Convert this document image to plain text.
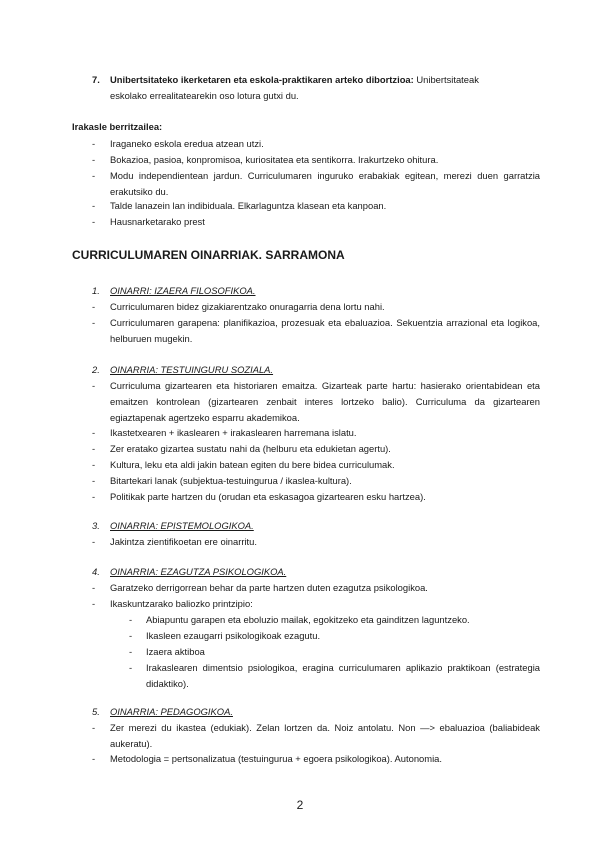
7. Unibertsitateko ikerketaren eta eskola-praktikaren arteko dibortzioa: Unibertsitateak
eskolako errealitatearekin oso lotura gutxi du.
Irakasle berritzailea:
- Iraganeko eskola eredua atzean utzi.
- Bokazioa, pasioa, konpromisoa, kuriositatea eta sentikorra. Irakurtzeko ohitura.
- Modu independientean jardun. Curriculumaren inguruko erabakiak egitean, merezi duen garratzia erakutsiko du.
- Talde lanazein lan indibiduala. Elkarlaguntza klasean eta kanpoan.
- Hausnarketarako prest
CURRICULUMAREN OINARRIAK. SARRAMONA
1. OINARRI: IZAERA FILOSOFIKOA.
- Curriculumaren bidez gizakiarentzako onuragarria dena lortu nahi.
- Curriculumaren garapena: planifikazioa, prozesuak eta ebaluazioa. Sekuentzia arrazional eta logikoa, helburuen mugekin.
2. OINARRIA: TESTUINGURU SOZIALA.
- Curriculuma gizartearen eta historiaren emaitza. Gizarteak parte hartu: hasierako orientabidean eta emaitzen kontrolean (gizartearen zenbait interes lortzeko balio). Curriculuma da gizartearen egiaztapenak agertzeko esparru akademikoa.
- Ikastetxearen + ikaslearen + irakaslearen harremana islatu.
- Zer eratako gizartea sustatu nahi da (helburu eta edukietan agertu).
- Kultura, leku eta aldi jakin batean egiten du bere bidea curriculumak.
- Bitartekari lanak (subjektua-testuingurua / ikaslea-kultura).
- Politikak parte hartzen du (orudan eta eskasagoa gizartearen esku hartzea).
3. OINARRIA: EPISTEMOLOGIKOA.
- Jakintza zientifikoetan ere oinarritu.
4. OINARRIA: EZAGUTZA PSIKOLOGIKOA.
- Garatzeko derrigorrean behar da parte hartzen duten ezagutza psikologikoa.
- Ikaskuntzarako baliozko printzipio:
- Abiapuntu garapen eta eboluzio mailak, egokitzeko eta gainditzen laguntzeko.
- Ikasleen ezaugarri psikologikoak ezagutu.
- Izaera aktiboa
- Irakaslearen dimentsio psiologikoa, eragina curriculumaren aplikazio praktikoan (estrategia didaktiko).
5. OINARRIA: PEDAGOGIKOA.
- Zer merezi du ikastea (edukiak). Zelan lortzen da. Noiz antolatu. Non —> ebaluazioa (baliabideak aukeratu).
- Metodologia = pertsonalizatua (testuingurua + egoera psikologikoa). Autonomia.
2
